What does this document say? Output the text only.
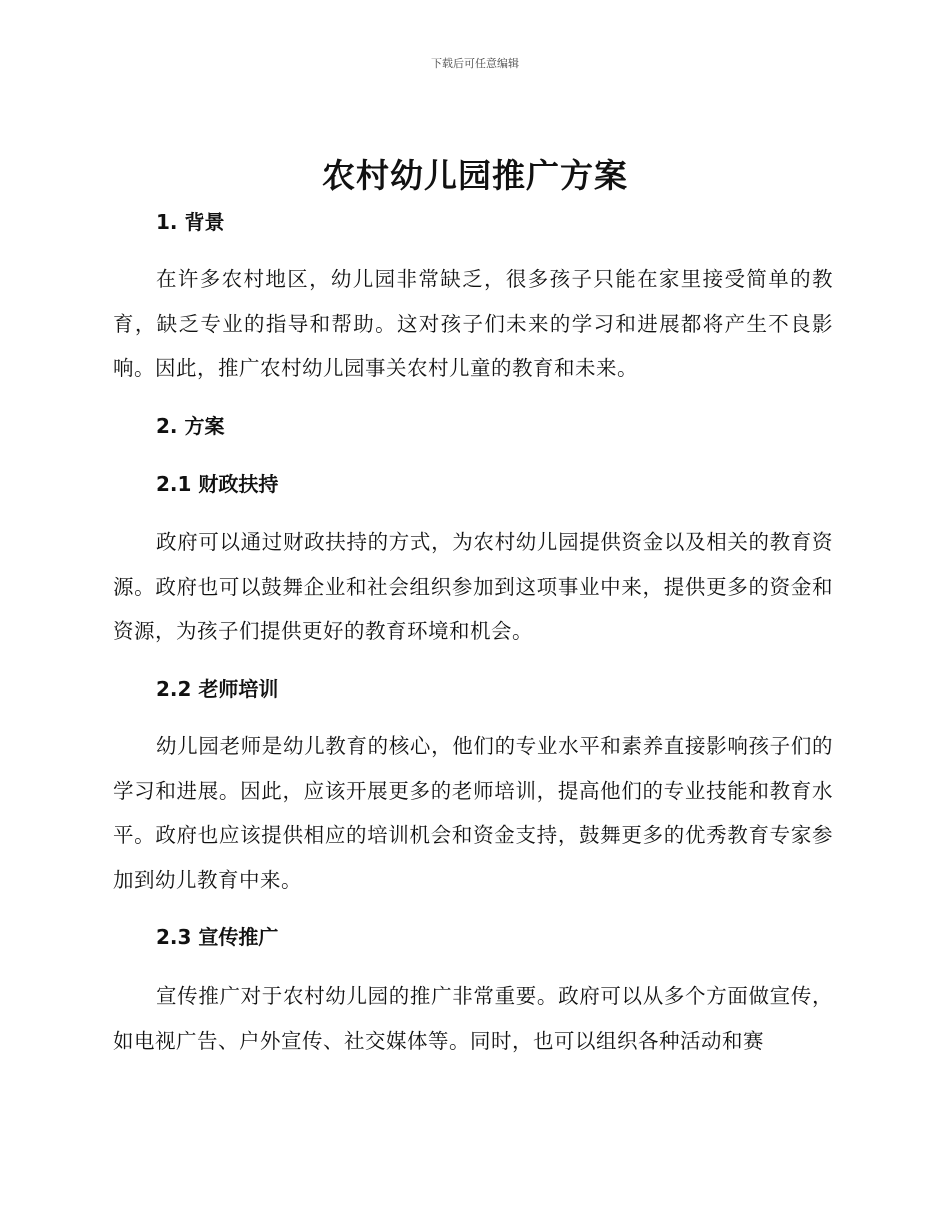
下载后可任意编辑
农村幼儿园推广方案
1. 背景

在许多农村地区，幼儿园非常缺乏，很多孩子只能在家里接受简单的教育，缺乏专业的指导和帮助。这对孩子们未来的学习和进展都将产生不良影响。因此，推广农村幼儿园事关农村儿童的教育和未来。

2. 方案
2.1 财政扶持

政府可以通过财政扶持的方式，为农村幼儿园提供资金以及相关的教育资源。政府也可以鼓舞企业和社会组织参加到这项事业中来，提供更多的资金和资源，为孩子们提供更好的教育环境和机会。

2.2 老师培训

幼儿园老师是幼儿教育的核心，他们的专业水平和素养直接影响孩子们的学习和进展。因此，应该开展更多的老师培训，提高他们的专业技能和教育水平。政府也应该提供相应的培训机会和资金支持，鼓舞更多的优秀教育专家参加到幼儿教育中来。

2.3 宣传推广

宣传推广对于农村幼儿园的推广非常重要。政府可以从多个方面做宣传，如电视广告、户外宣传、社交媒体等。同时，也可以组织各种活动和赛
